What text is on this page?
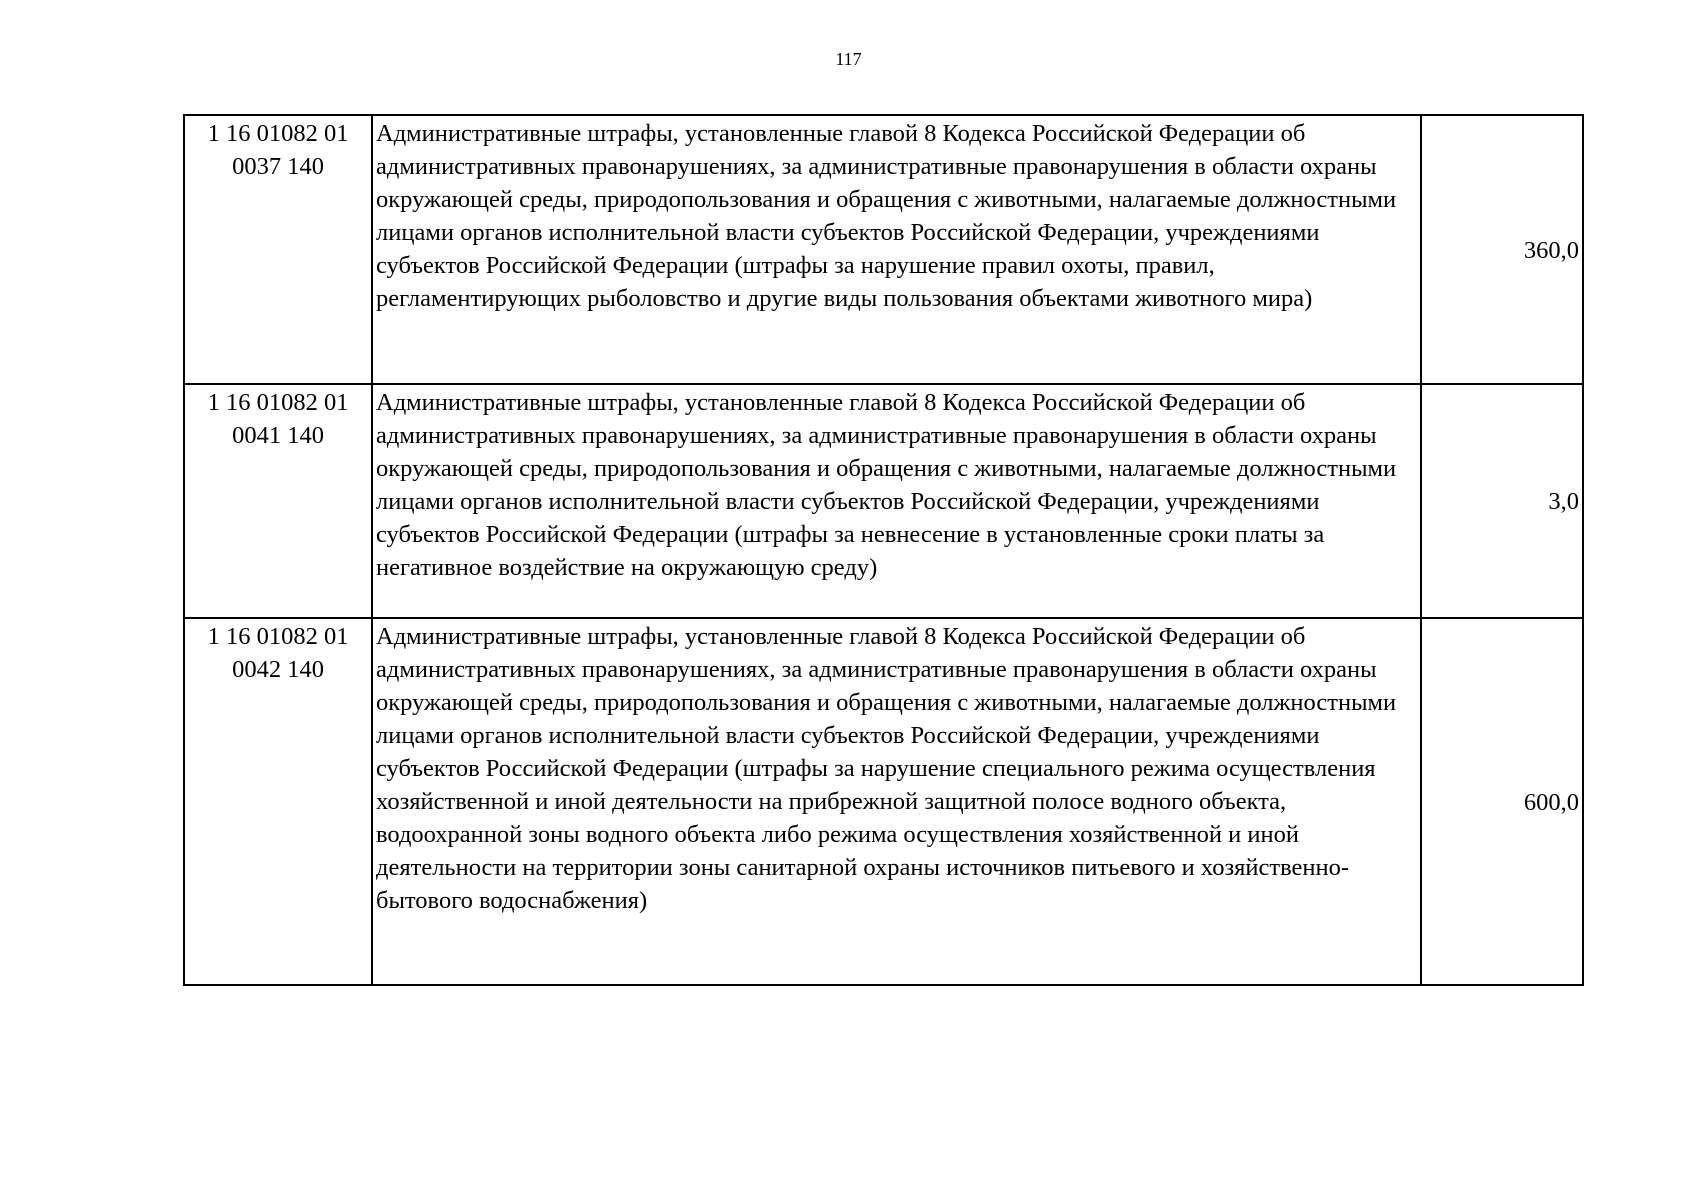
117
1 16 01082 01 0037 140	Административные штрафы, установленные главой 8 Кодекса Российской Федерации об административных правонарушениях, за административные правонарушения в области охраны окружающей среды, природопользования и обращения с животными, налагаемые должностными лицами органов исполнительной власти субъектов Российской Федерации, учреждениями субъектов Российской Федерации (штрафы за нарушение правил охоты, правил, регламентирующих рыболовство и другие виды пользования объектами животного мира)	360,0
1 16 01082 01 0041 140	Административные штрафы, установленные главой 8 Кодекса Российской Федерации об административных правонарушениях, за административные правонарушения в области охраны окружающей среды, природопользования и обращения с животными, налагаемые должностными лицами органов исполнительной власти субъектов Российской Федерации, учреждениями субъектов Российской Федерации (штрафы за невнесение в установленные сроки платы за негативное воздействие на окружающую среду)	3,0
1 16 01082 01 0042 140	Административные штрафы, установленные главой 8 Кодекса Российской Федерации об административных правонарушениях, за административные правонарушения в области охраны окружающей среды, природопользования и обращения с животными, налагаемые должностными лицами органов исполнительной власти субъектов Российской Федерации, учреждениями субъектов Российской Федерации (штрафы за нарушение специального режима осуществления хозяйственной и иной деятельности на прибрежной защитной полосе водного объекта, водоохранной зоны водного объекта либо режима осуществления хозяйственной и иной деятельности на территории зоны санитарной охраны источников питьевого и хозяйственно-бытового водоснабжения)	600,0
